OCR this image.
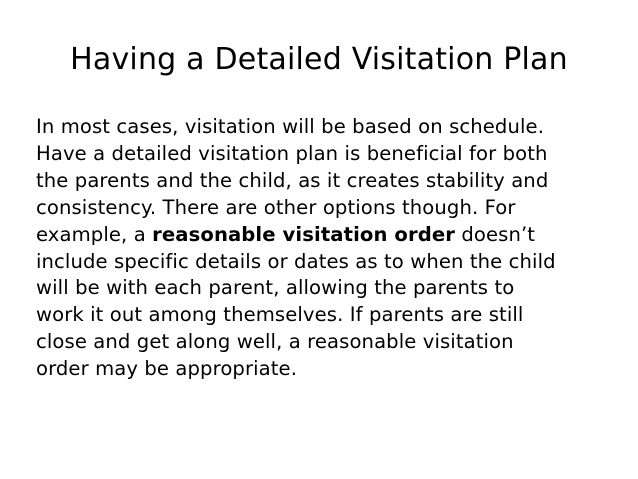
Having a Detailed Visitation Plan
In most cases, visitation will be based on schedule.
Have a detailed visitation plan is beneficial for both
the parents and the child, as it creates stability and
consistency. There are other options though. For
example, a reasonable visitation order doesn’t
include specific details or dates as to when the child
will be with each parent, allowing the parents to
work it out among themselves. If parents are still
close and get along well, a reasonable visitation
order may be appropriate.
